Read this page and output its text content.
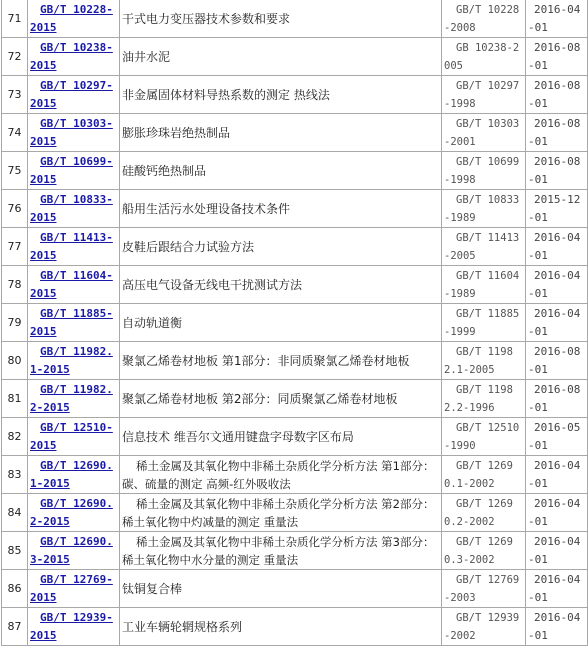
71	GB/T 10228-2015	干式电力变压器技术参数和要求	GB/T 10228-2008	2016-04-01
72	GB/T 10238-2015	油井水泥	GB 10238-2005	2016-08-01
73	GB/T 10297-2015	非金属固体材料导热系数的测定 热线法	GB/T 10297-1998	2016-08-01
74	GB/T 10303-2015	膨胀珍珠岩绝热制品	GB/T 10303-2001	2016-08-01
75	GB/T 10699-2015	硅酸钙绝热制品	GB/T 10699-1998	2016-08-01
76	GB/T 10833-2015	船用生活污水处理设备技术条件	GB/T 10833-1989	2015-12-01
77	GB/T 11413-2015	皮鞋后跟结合力试验方法	GB/T 11413-2005	2016-04-01
78	GB/T 11604-2015	高压电气设备无线电干扰测试方法	GB/T 11604-1989	2016-04-01
79	GB/T 11885-2015	自动轨道衡	GB/T 11885-1999	2016-04-01
80	GB/T 11982.1-2015	聚氯乙烯卷材地板 第1部分：非同质聚氯乙烯卷材地板	GB/T 11982.1-2005	2016-08-01
81	GB/T 11982.2-2015	聚氯乙烯卷材地板 第2部分：同质聚氯乙烯卷材地板	GB/T 11982.2-1996	2016-08-01
82	GB/T 12510-2015	信息技术 维吾尔文通用键盘字母数字区布局	GB/T 12510-1990	2016-05-01
83	GB/T 12690.1-2015	稀土金属及其氧化物中非稀土杂质化学分析方法 第1部分：碳、硫量的测定 高频-红外吸收法	GB/T 12690.1-2002	2016-04-01
84	GB/T 12690.2-2015	稀土金属及其氧化物中非稀土杂质化学分析方法 第2部分：稀土氧化物中灼减量的测定 重量法	GB/T 12690.2-2002	2016-04-01
85	GB/T 12690.3-2015	稀土金属及其氧化物中非稀土杂质化学分析方法 第3部分：稀土氧化物中水分量的测定 重量法	GB/T 12690.3-2002	2016-04-01
86	GB/T 12769-2015	钛铜复合棒	GB/T 12769-2003	2016-04-01
87	GB/T 12939-2015	工业车辆轮辋规格系列	GB/T 12939-2002	2016-04-01
